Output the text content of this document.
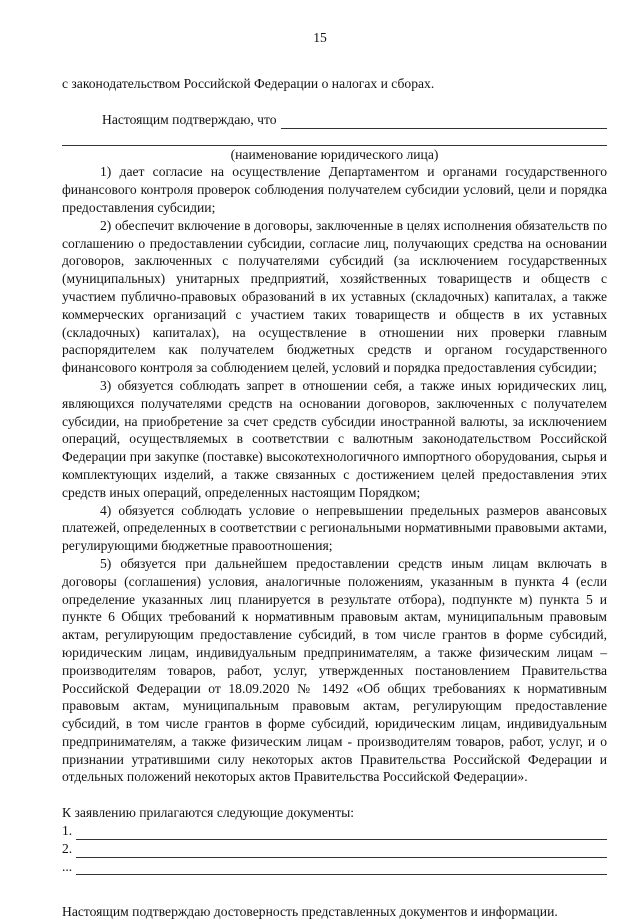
15

с законодательством Российской Федерации о налогах и сборах.

Настоящим подтверждаю, что
(наименование юридического лица)

1) дает согласие на осуществление Департаментом и органами государственного финансового контроля проверок соблюдения получателем субсидии условий, цели и порядка предоставления субсидии;

2) обеспечит включение в договоры, заключенные в целях исполнения обязательств по соглашению о предоставлении субсидии, согласие лиц, получающих средства на основании договоров, заключенных с получателями субсидий (за исключением государственных (муниципальных) унитарных предприятий, хозяйственных товариществ и обществ с участием публично-правовых образований в их уставных (складочных) капиталах, а также коммерческих организаций с участием таких товариществ и обществ в их уставных (складочных) капиталах), на осуществление в отношении них проверки главным распорядителем как получателем бюджетных средств и органом государственного финансового контроля за соблюдением целей, условий и порядка предоставления субсидии;

3) обязуется соблюдать запрет в отношении себя, а также иных юридических лиц, являющихся получателями средств на основании договоров, заключенных с получателем субсидии, на приобретение за счет средств субсидии иностранной валюты, за исключением операций, осуществляемых в соответствии с валютным законодательством Российской Федерации при закупке (поставке) высокотехнологичного импортного оборудования, сырья и комплектующих изделий, а также связанных с достижением целей предоставления этих средств иных операций, определенных настоящим Порядком;

4) обязуется соблюдать условие о непревышении предельных размеров авансовых платежей, определенных в соответствии с региональными нормативными правовыми актами, регулирующими бюджетные правоотношения;

5) обязуется при дальнейшем предоставлении средств иным лицам включать в договоры (соглашения) условия, аналогичные положениям, указанным в пункта 4 (если определение указанных лиц планируется в результате отбора), подпункте м) пункта 5 и пункте 6 Общих требований к нормативным правовым актам, муниципальным правовым актам, регулирующим предоставление субсидий, в том числе грантов в форме субсидий, юридическим лицам, индивидуальным предпринимателям, а также физическим лицам – производителям товаров, работ, услуг, утвержденных постановлением Правительства Российской Федерации от 18.09.2020 № 1492 «Об общих требованиях к нормативным правовым актам, муниципальным правовым актам, регулирующим предоставление субсидий, в том числе грантов в форме субсидий, юридическим лицам, индивидуальным предпринимателям, а также физическим лицам - производителям товаров, работ, услуг, и о признании утратившими силу некоторых актов Правительства Российской Федерации и отдельных положений некоторых актов Правительства Российской Федерации».

К заявлению прилагаются следующие документы:
1.
2.
...

Настоящим подтверждаю достоверность представленных документов и информации.
